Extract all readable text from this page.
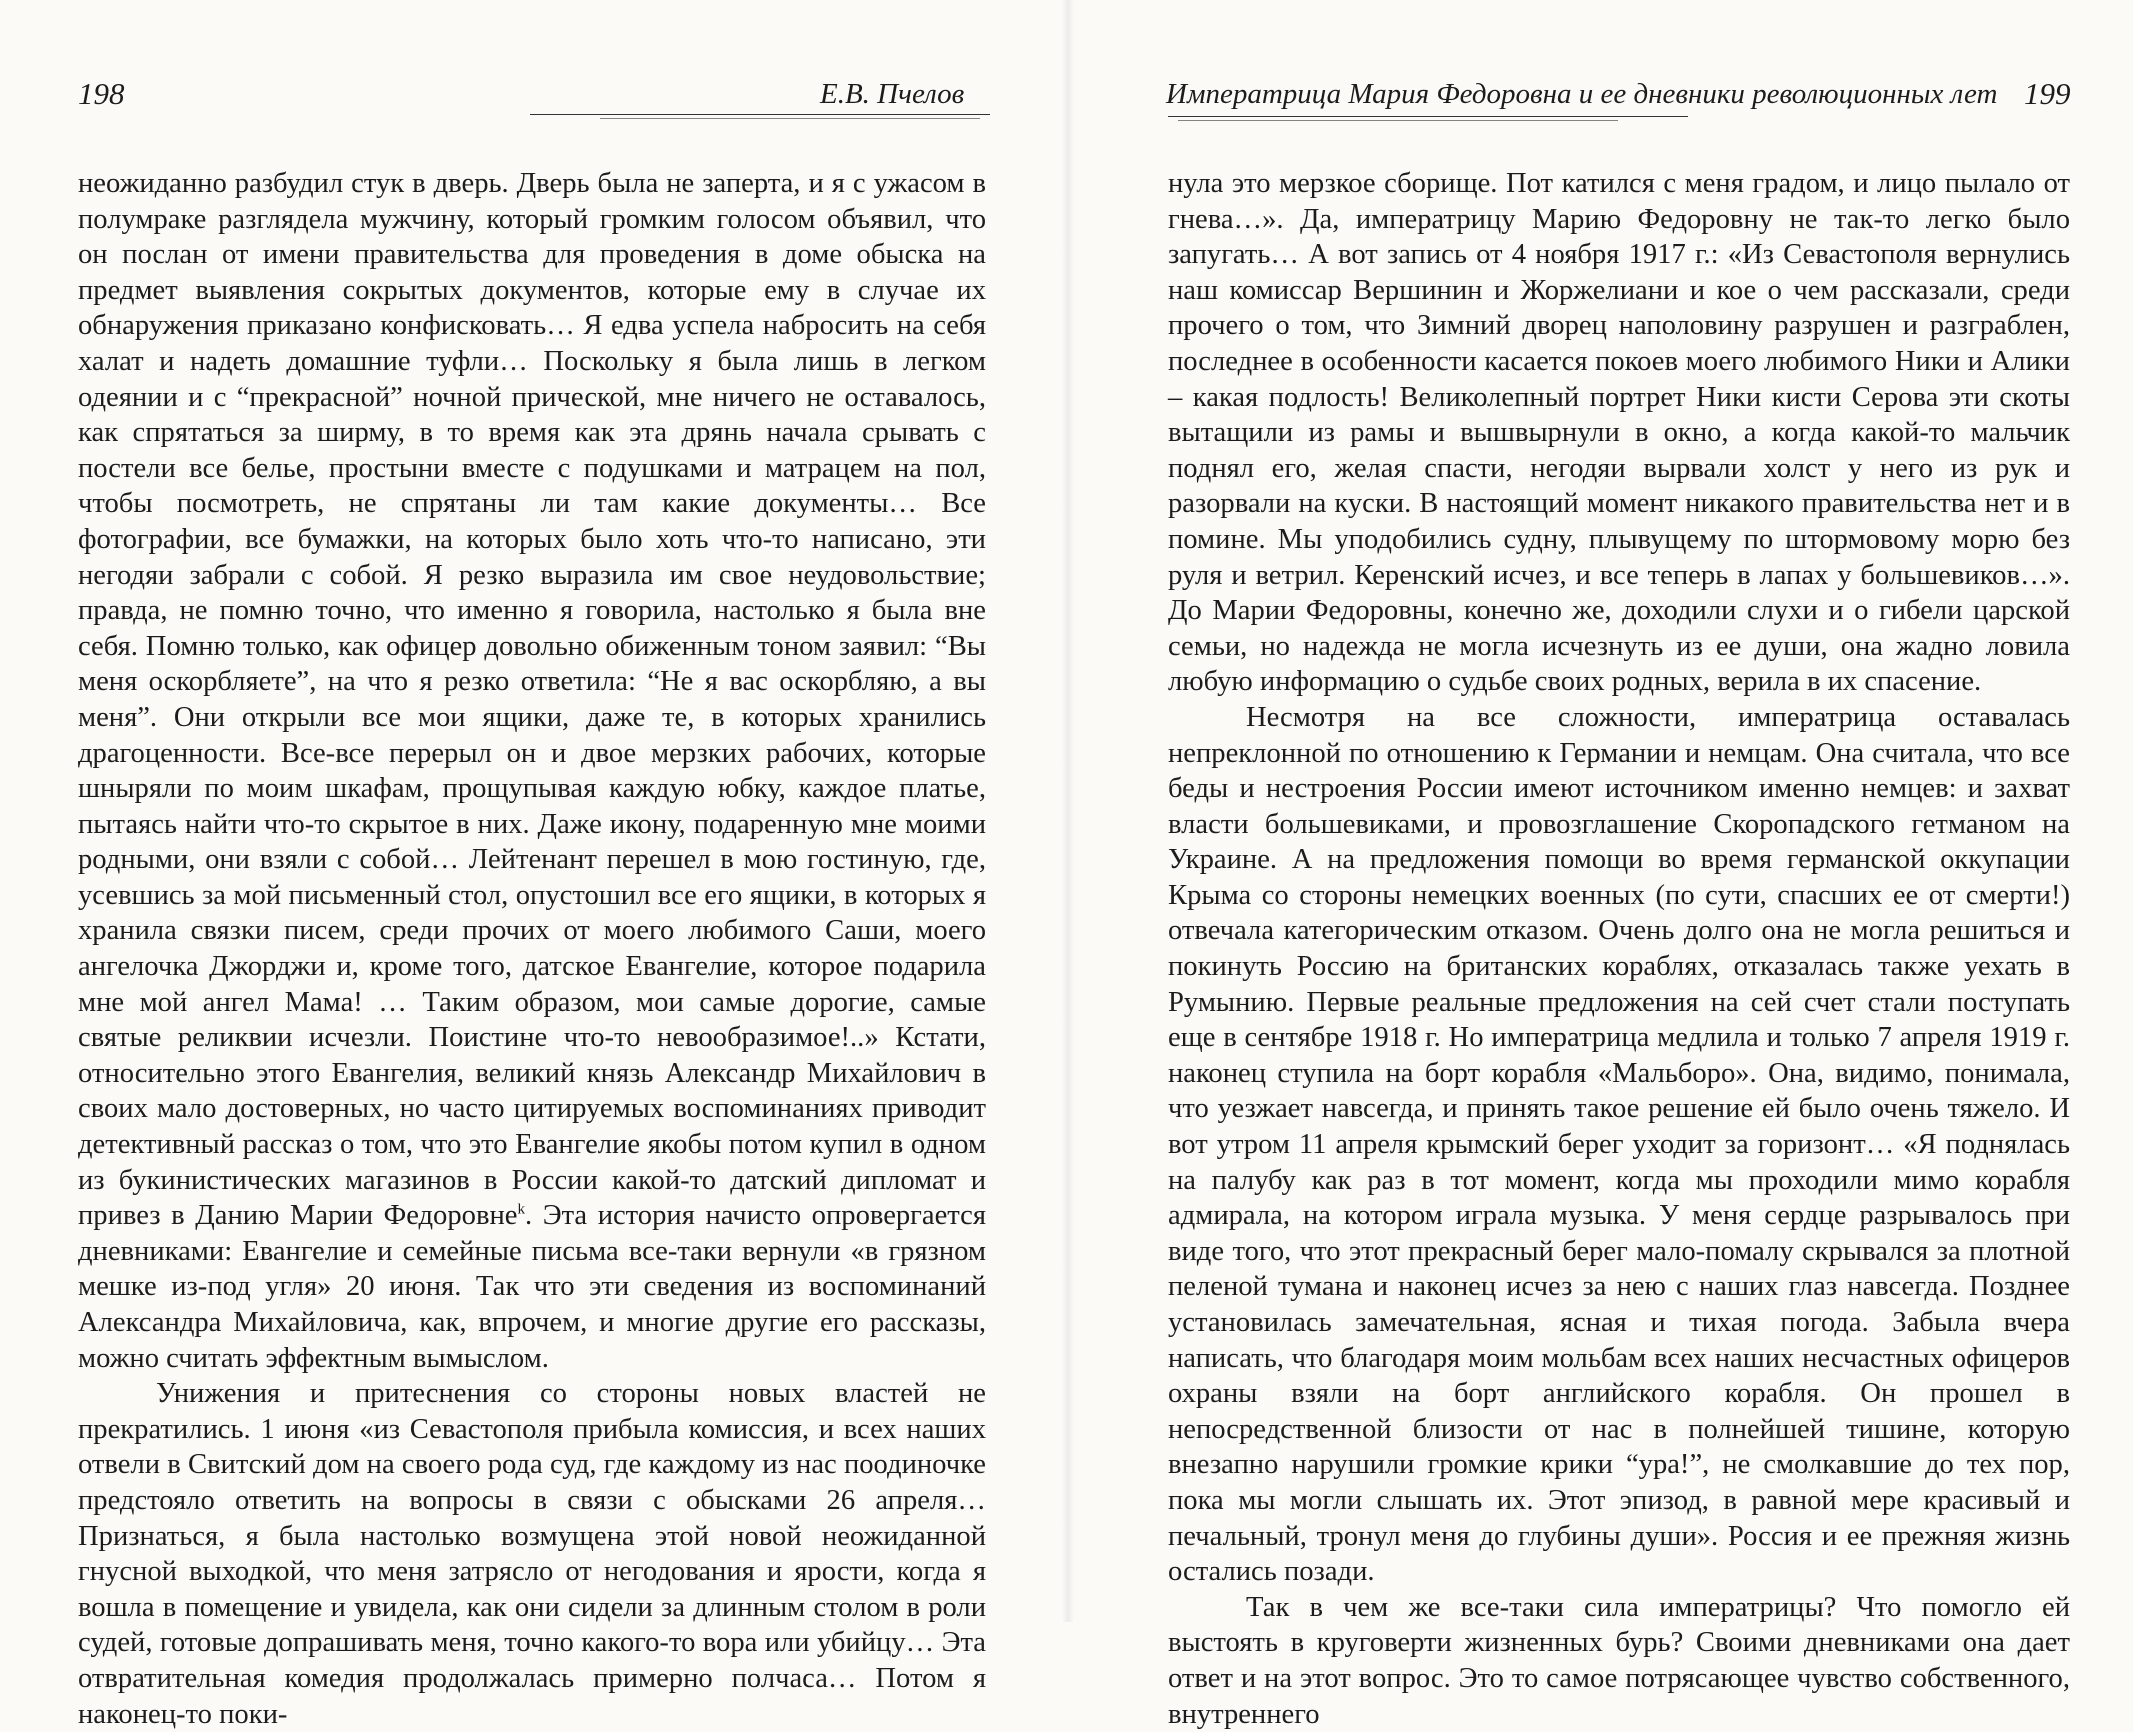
198	Е.В. Пчелов

неожиданно разбудил стук в дверь. Дверь была не заперта, и я с ужасом в полумраке разглядела мужчину, который громким голосом объявил, что он послан от имени правительства для проведения в доме обыска на предмет выявления сокрытых документов, которые ему в случае их обнаружения приказано конфисковать… Я едва успела набросить на себя халат и надеть домашние туфли… Поскольку я была лишь в легком одеянии и с “прекрасной” ночной прической, мне ничего не оставалось, как спрятаться за ширму, в то время как эта дрянь начала срывать с постели все белье, простыни вместе с подушками и матрацем на пол, чтобы посмотреть, не спрятаны ли там какие документы… Все фотографии, все бумажки, на которых было хоть что-то написано, эти негодяи забрали с собой. Я резко выразила им свое неудовольствие; правда, не помню точно, что именно я говорила, настолько я была вне себя. Помню только, как офицер довольно обиженным тоном заявил: “Вы меня оскорбляете”, на что я резко ответила: “Не я вас оскорбляю, а вы меня”. Они открыли все мои ящики, даже те, в которых хранились драгоценности. Все-все перерыл он и двое мерзких рабочих, которые шныряли по моим шкафам, прощупывая каждую юбку, каждое платье, пытаясь найти что-то скрытое в них. Даже икону, подаренную мне моими родными, они взяли с собой… Лейтенант перешел в мою гостиную, где, усевшись за мой письменный стол, опустошил все его ящики, в которых я хранила связки писем, среди прочих от моего любимого Саши, моего ангелочка Джорджи и, кроме того, датское Евангелие, которое подарила мне мой ангел Мама! … Таким образом, мои самые дорогие, самые святые реликвии исчезли. Поистине что-то невообразимое!..» Кстати, относительно этого Евангелия, великий князь Александр Михайлович в своих мало достоверных, но часто цитируемых воспоминаниях приводит детективный рассказ о том, что это Евангелие якобы потом купил в одном из букинистических магазинов в России какой-то датский дипломат и привез в Данию Марии Федоровне$^k$. Эта история начисто опровергается дневниками: Евангелие и семейные письма все-таки вернули «в грязном мешке из-под угля» 20 июня. Так что эти сведения из воспоминаний Александра Михайловича, как, впрочем, и многие другие его рассказы, можно считать эффектным вымыслом.

Унижения и притеснения со стороны новых властей не прекратились. 1 июня «из Севастополя прибыла комиссия, и всех наших отвели в Свитский дом на своего рода суд, где каждому из нас поодиночке предстояло ответить на вопросы в связи с обысками 26 апреля… Признаться, я была настолько возмущена этой новой неожиданной гнусной выходкой, что меня затрясло от негодования и ярости, когда я вошла в помещение и увидела, как они сидели за длинным столом в роли судей, готовые допрашивать меня, точно какого-то вора или убийцу… Эта отвратительная комедия продолжалась примерно полчаса… Потом я наконец-то поки-

Императрица Мария Федоровна и ее дневники революционных лет 199

нула это мерзкое сборище. Пот катился с меня градом, и лицо пылало от гнева…». Да, императрицу Марию Федоровну не так-то легко было запугать… А вот запись от 4 ноября 1917 г.: «Из Севастополя вернулись наш комиссар Вершинин и Жоржелиани и кое о чем рассказали, среди прочего о том, что Зимний дворец наполовину разрушен и разграблен, последнее в особенности касается покоев моего любимого Ники и Алики – какая подлость! Великолепный портрет Ники кисти Серова эти скоты вытащили из рамы и вышвырнули в окно, а когда какой-то мальчик поднял его, желая спасти, негодяи вырвали холст у него из рук и разорвали на куски. В настоящий момент никакого правительства нет и в помине. Мы уподобились судну, плывущему по штормовому морю без руля и ветрил. Керенский исчез, и все теперь в лапах у большевиков…». До Марии Федоровны, конечно же, доходили слухи и о гибели царской семьи, но надежда не могла исчезнуть из ее души, она жадно ловила любую информацию о судьбе своих родных, верила в их спасение.

Несмотря на все сложности, императрица оставалась непреклонной по отношению к Германии и немцам. Она считала, что все беды и нестроения России имеют источником именно немцев: и захват власти большевиками, и провозглашение Скоропадского гетманом на Украине. А на предложения помощи во время германской оккупации Крыма со стороны немецких военных (по сути, спасших ее от смерти!) отвечала категорическим отказом. Очень долго она не могла решиться и покинуть Россию на британских кораблях, отказалась также уехать в Румынию. Первые реальные предложения на сей счет стали поступать еще в сентябре 1918 г. Но императрица медлила и только 7 апреля 1919 г. наконец ступила на борт корабля «Мальборо». Она, видимо, понимала, что уезжает навсегда, и принять такое решение ей было очень тяжело. И вот утром 11 апреля крымский берег уходит за горизонт… «Я поднялась на палубу как раз в тот момент, когда мы проходили мимо корабля адмирала, на котором играла музыка. У меня сердце разрывалось при виде того, что этот прекрасный берег мало-помалу скрывался за плотной пеленой тумана и наконец исчез за нею с наших глаз навсегда. Позднее установилась замечательная, ясная и тихая погода. Забыла вчера написать, что благодаря моим мольбам всех наших несчастных офицеров охраны взяли на борт английского корабля. Он прошел в непосредственной близости от нас в полнейшей тишине, которую внезапно нарушили громкие крики “ура!”, не смолкавшие до тех пор, пока мы могли слышать их. Этот эпизод, в равной мере красивый и печальный, тронул меня до глубины души». Россия и ее прежняя жизнь остались позади.

Так в чем же все-таки сила императрицы? Что помогло ей выстоять в круговерти жизненных бурь? Своими дневниками она дает ответ и на этот вопрос. Это то самое потрясающее чувство собственного, внутреннего
